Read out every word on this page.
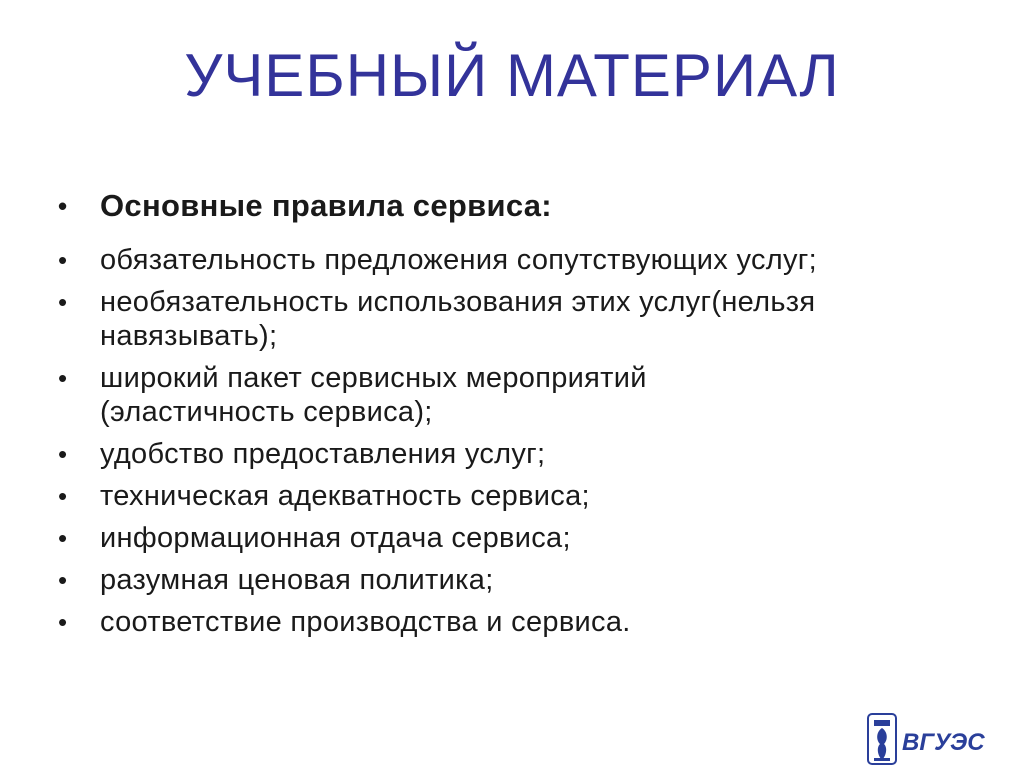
УЧЕБНЫЙ МАТЕРИАЛ
•	Основные правила сервиса:
•	обязательность предложения сопутствующих услуг;
•	необязательность использования этих услуг(нельзя навязывать);
•	широкий пакет сервисных мероприятий (эластичность сервиса);
•	удобство предоставления услуг;
•	техническая адекватность сервиса;
•	информационная отдача сервиса;
•	разумная ценовая политика;
•	соответствие производства и сервиса.
ВГУЭС
